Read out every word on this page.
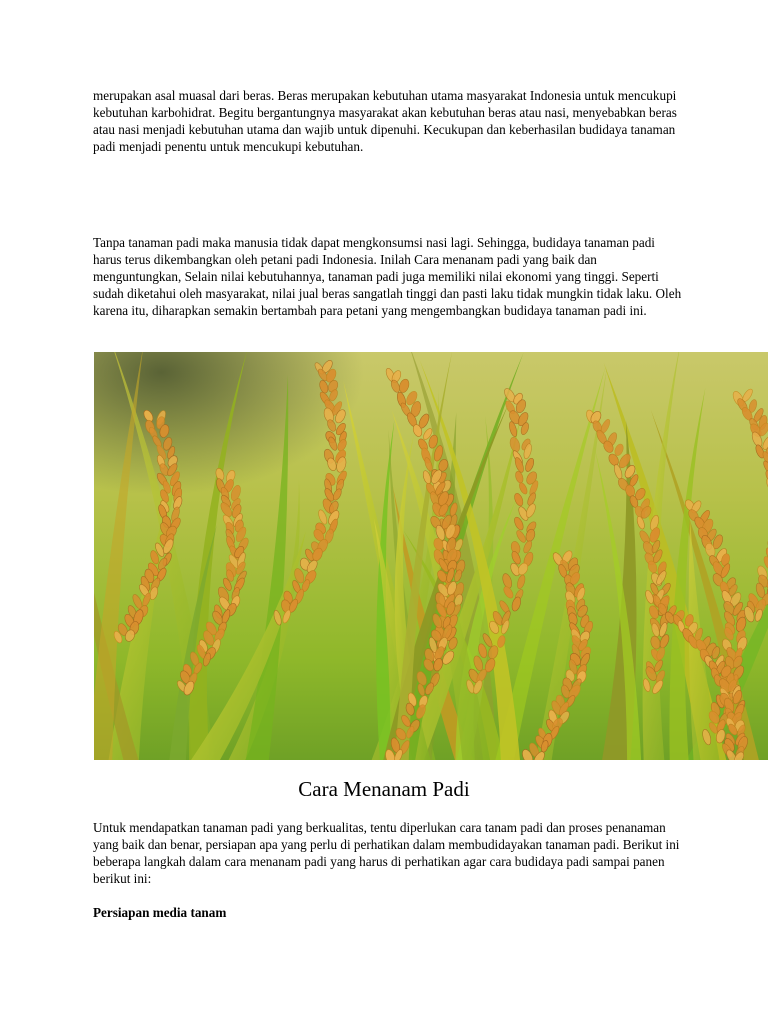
merupakan asal muasal dari beras. Beras merupakan kebutuhan utama masyarakat Indonesia untuk mencukupi kebutuhan karbohidrat. Begitu bergantungnya masyarakat akan kebutuhan beras atau nasi, menyebabkan beras atau nasi menjadi kebutuhan utama dan wajib untuk dipenuhi. Kecukupan dan keberhasilan budidaya tanaman padi menjadi penentu untuk mencukupi kebutuhan.

Tanpa tanaman padi maka manusia tidak dapat mengkonsumsi nasi lagi. Sehingga, budidaya tanaman padi harus terus dikembangkan oleh petani padi Indonesia. Inilah Cara menanam padi yang baik dan menguntungkan, Selain nilai kebutuhannya, tanaman padi juga memiliki nilai ekonomi yang tinggi. Seperti sudah diketahui oleh masyarakat, nilai jual beras sangatlah tinggi dan pasti laku tidak mungkin tidak laku. Oleh karena itu, diharapkan semakin bertambah para petani yang mengembangkan budidaya tanaman padi ini.

Cara Menanam Padi

Untuk mendapatkan tanaman padi yang berkualitas, tentu diperlukan cara tanam padi dan proses penanaman yang baik dan benar, persiapan apa yang perlu di perhatikan dalam membudidayakan tanaman padi. Berikut ini beberapa langkah dalam cara menanam padi yang harus di perhatikan agar cara budidaya padi sampai panen berikut ini:

Persiapan media tanam
